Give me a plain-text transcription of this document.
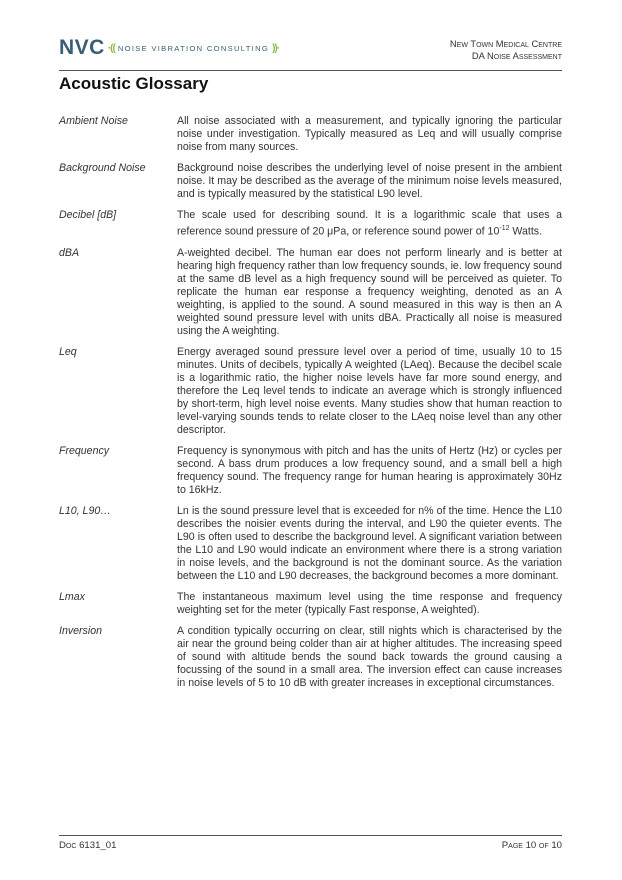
NVC ·(( NOISE VIBRATION CONSULTING ))·	New Town Medical Centre
DA Noise Assessment
Acoustic Glossary
Ambient Noise	All noise associated with a measurement, and typically ignoring the particular noise under investigation. Typically measured as Leq and will usually comprise noise from many sources.
Background Noise	Background noise describes the underlying level of noise present in the ambient noise. It may be described as the average of the minimum noise levels measured, and is typically measured by the statistical L90 level.
Decibel [dB]	The scale used for describing sound. It is a logarithmic scale that uses a reference sound pressure of 20 μPa, or reference sound power of $10^{-12}$ Watts.
dBA	A-weighted decibel. The human ear does not perform linearly and is better at hearing high frequency rather than low frequency sounds, ie. low frequency sound at the same dB level as a high frequency sound will be perceived as quieter. To replicate the human ear response a frequency weighting, denoted as an A weighting, is applied to the sound. A sound measured in this way is then an A weighted sound pressure level with units dBA. Practically all noise is measured using the A weighting.
Leq	Energy averaged sound pressure level over a period of time, usually 10 to 15 minutes. Units of decibels, typically A weighted (LAeq). Because the decibel scale is a logarithmic ratio, the higher noise levels have far more sound energy, and therefore the Leq level tends to indicate an average which is strongly influenced by short-term, high level noise events. Many studies show that human reaction to level-varying sounds tends to relate closer to the LAeq noise level than any other descriptor.
Frequency	Frequency is synonymous with pitch and has the units of Hertz (Hz) or cycles per second. A bass drum produces a low frequency sound, and a small bell a high frequency sound. The frequency range for human hearing is approximately 30Hz to 16kHz.
L10, L90…	Ln is the sound pressure level that is exceeded for n% of the time. Hence the L10 describes the noisier events during the interval, and L90 the quieter events. The L90 is often used to describe the background level. A significant variation between the L10 and L90 would indicate an environment where there is a strong variation in noise levels, and the background is not the dominant source. As the variation between the L10 and L90 decreases, the background becomes a more dominant.
Lmax	The instantaneous maximum level using the time response and frequency weighting set for the meter (typically Fast response, A weighted).
Inversion	A condition typically occurring on clear, still nights which is characterised by the air near the ground being colder than air at higher altitudes. The increasing speed of sound with altitude bends the sound back towards the ground causing a focussing of the sound in a small area. The inversion effect can cause increases in noise levels of 5 to 10 dB with greater increases in exceptional circumstances.
Doc 6131_01	Page 10 of 10
